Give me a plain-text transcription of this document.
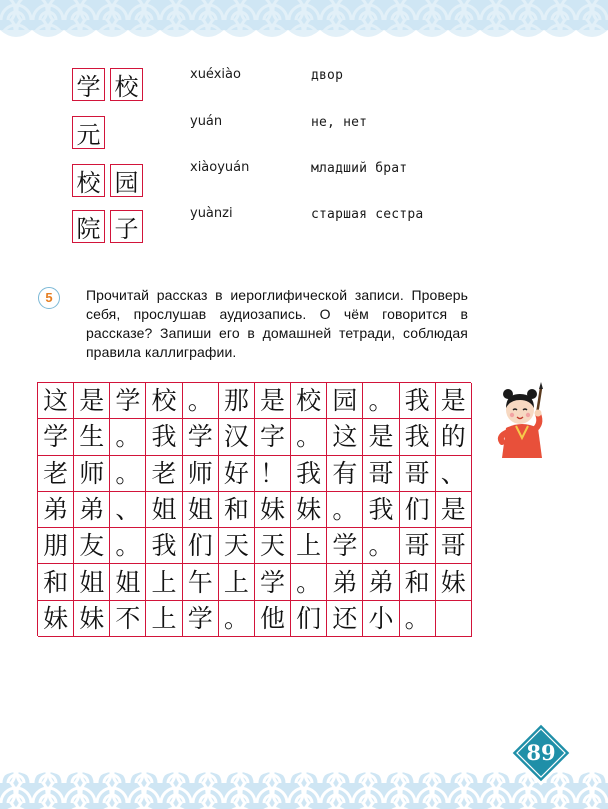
学 校
元
校 园
院 子
xuéxiào
yuán
xiàoyuán
yuànzi
двор
не, нет
младший брат
старшая сестра
5	Прочитай рассказ в иероглифической записи. Проверь себя, прослушав аудиозапись. О чём говорится в рассказе? Запиши его в домашней тетради, соблюдая правила каллиграфии.

这 是 学 校 。 那 是 校 园 。 我 是
学 生 。 我 学 汉 字 。 这 是 我 的
老 师 。 老 师 好 ！ 我 有 哥 哥 、
弟 弟 、 姐 姐 和 妹 妹 。 我 们 是
朋 友 。 我 们 天 天 上 学 。 哥 哥
和 姐 姐 上 午 上 学 。 弟 弟 和 妹
妹 妹 不 上 学 。 他 们 还 小 。
89
